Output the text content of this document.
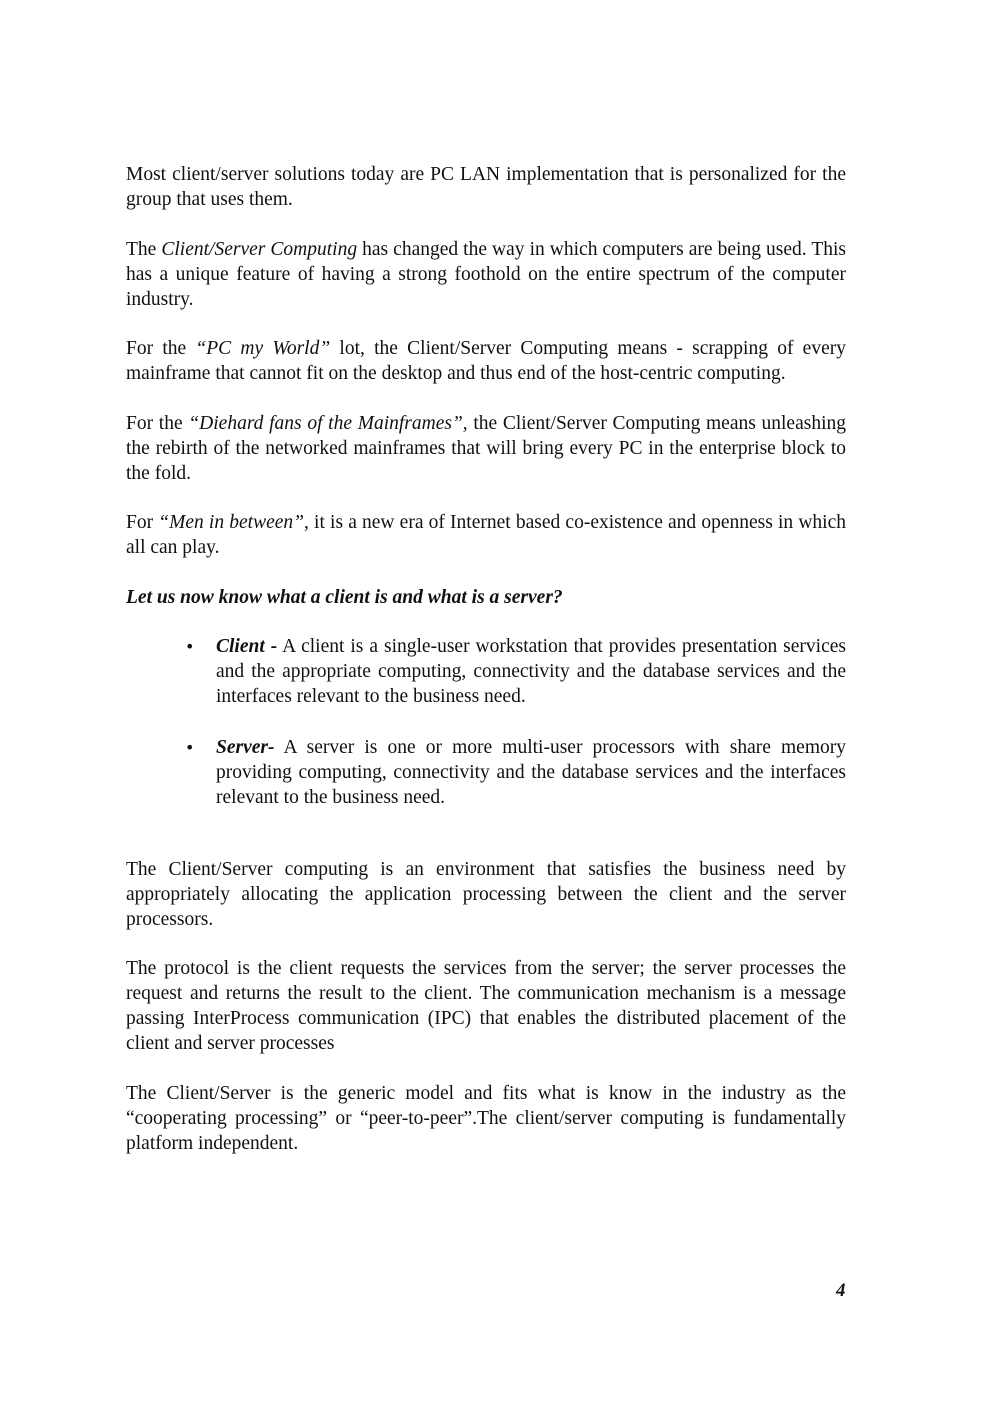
Most client/server solutions today are PC LAN implementation that is personalized for the group that uses them.

The Client/Server Computing has changed the way in which computers are being used. This has a unique feature of having a strong foothold on the entire spectrum of the computer industry.

For the “PC my World” lot, the Client/Server Computing means - scrapping of every mainframe that cannot fit on the desktop and thus end of the host-centric computing.

For the “Diehard fans of the Mainframes”, the Client/Server Computing means unleashing the rebirth of the networked mainframes that will bring every PC in the enterprise block to the fold.

For “Men in between”, it is a new era of Internet based co-existence and openness in which all can play.

Let us now know what a client is and what is a server?

• Client - A client is a single-user workstation that provides presentation services and the appropriate computing, connectivity and the database services and the interfaces relevant to the business need.
• Server- A server is one or more multi-user processors with share memory providing computing, connectivity and the database services and the interfaces relevant to the business need.

The Client/Server computing is an environment that satisfies the business need by appropriately allocating the application processing between the client and the server processors.

The protocol is the client requests the services from the server; the server processes the request and returns the result to the client. The communication mechanism is a message passing InterProcess communication (IPC) that enables the distributed placement of the client and server processes

The Client/Server is the generic model and fits what is know in the industry as the “cooperating processing” or “peer-to-peer”.The client/server computing is fundamentally platform independent.

4
